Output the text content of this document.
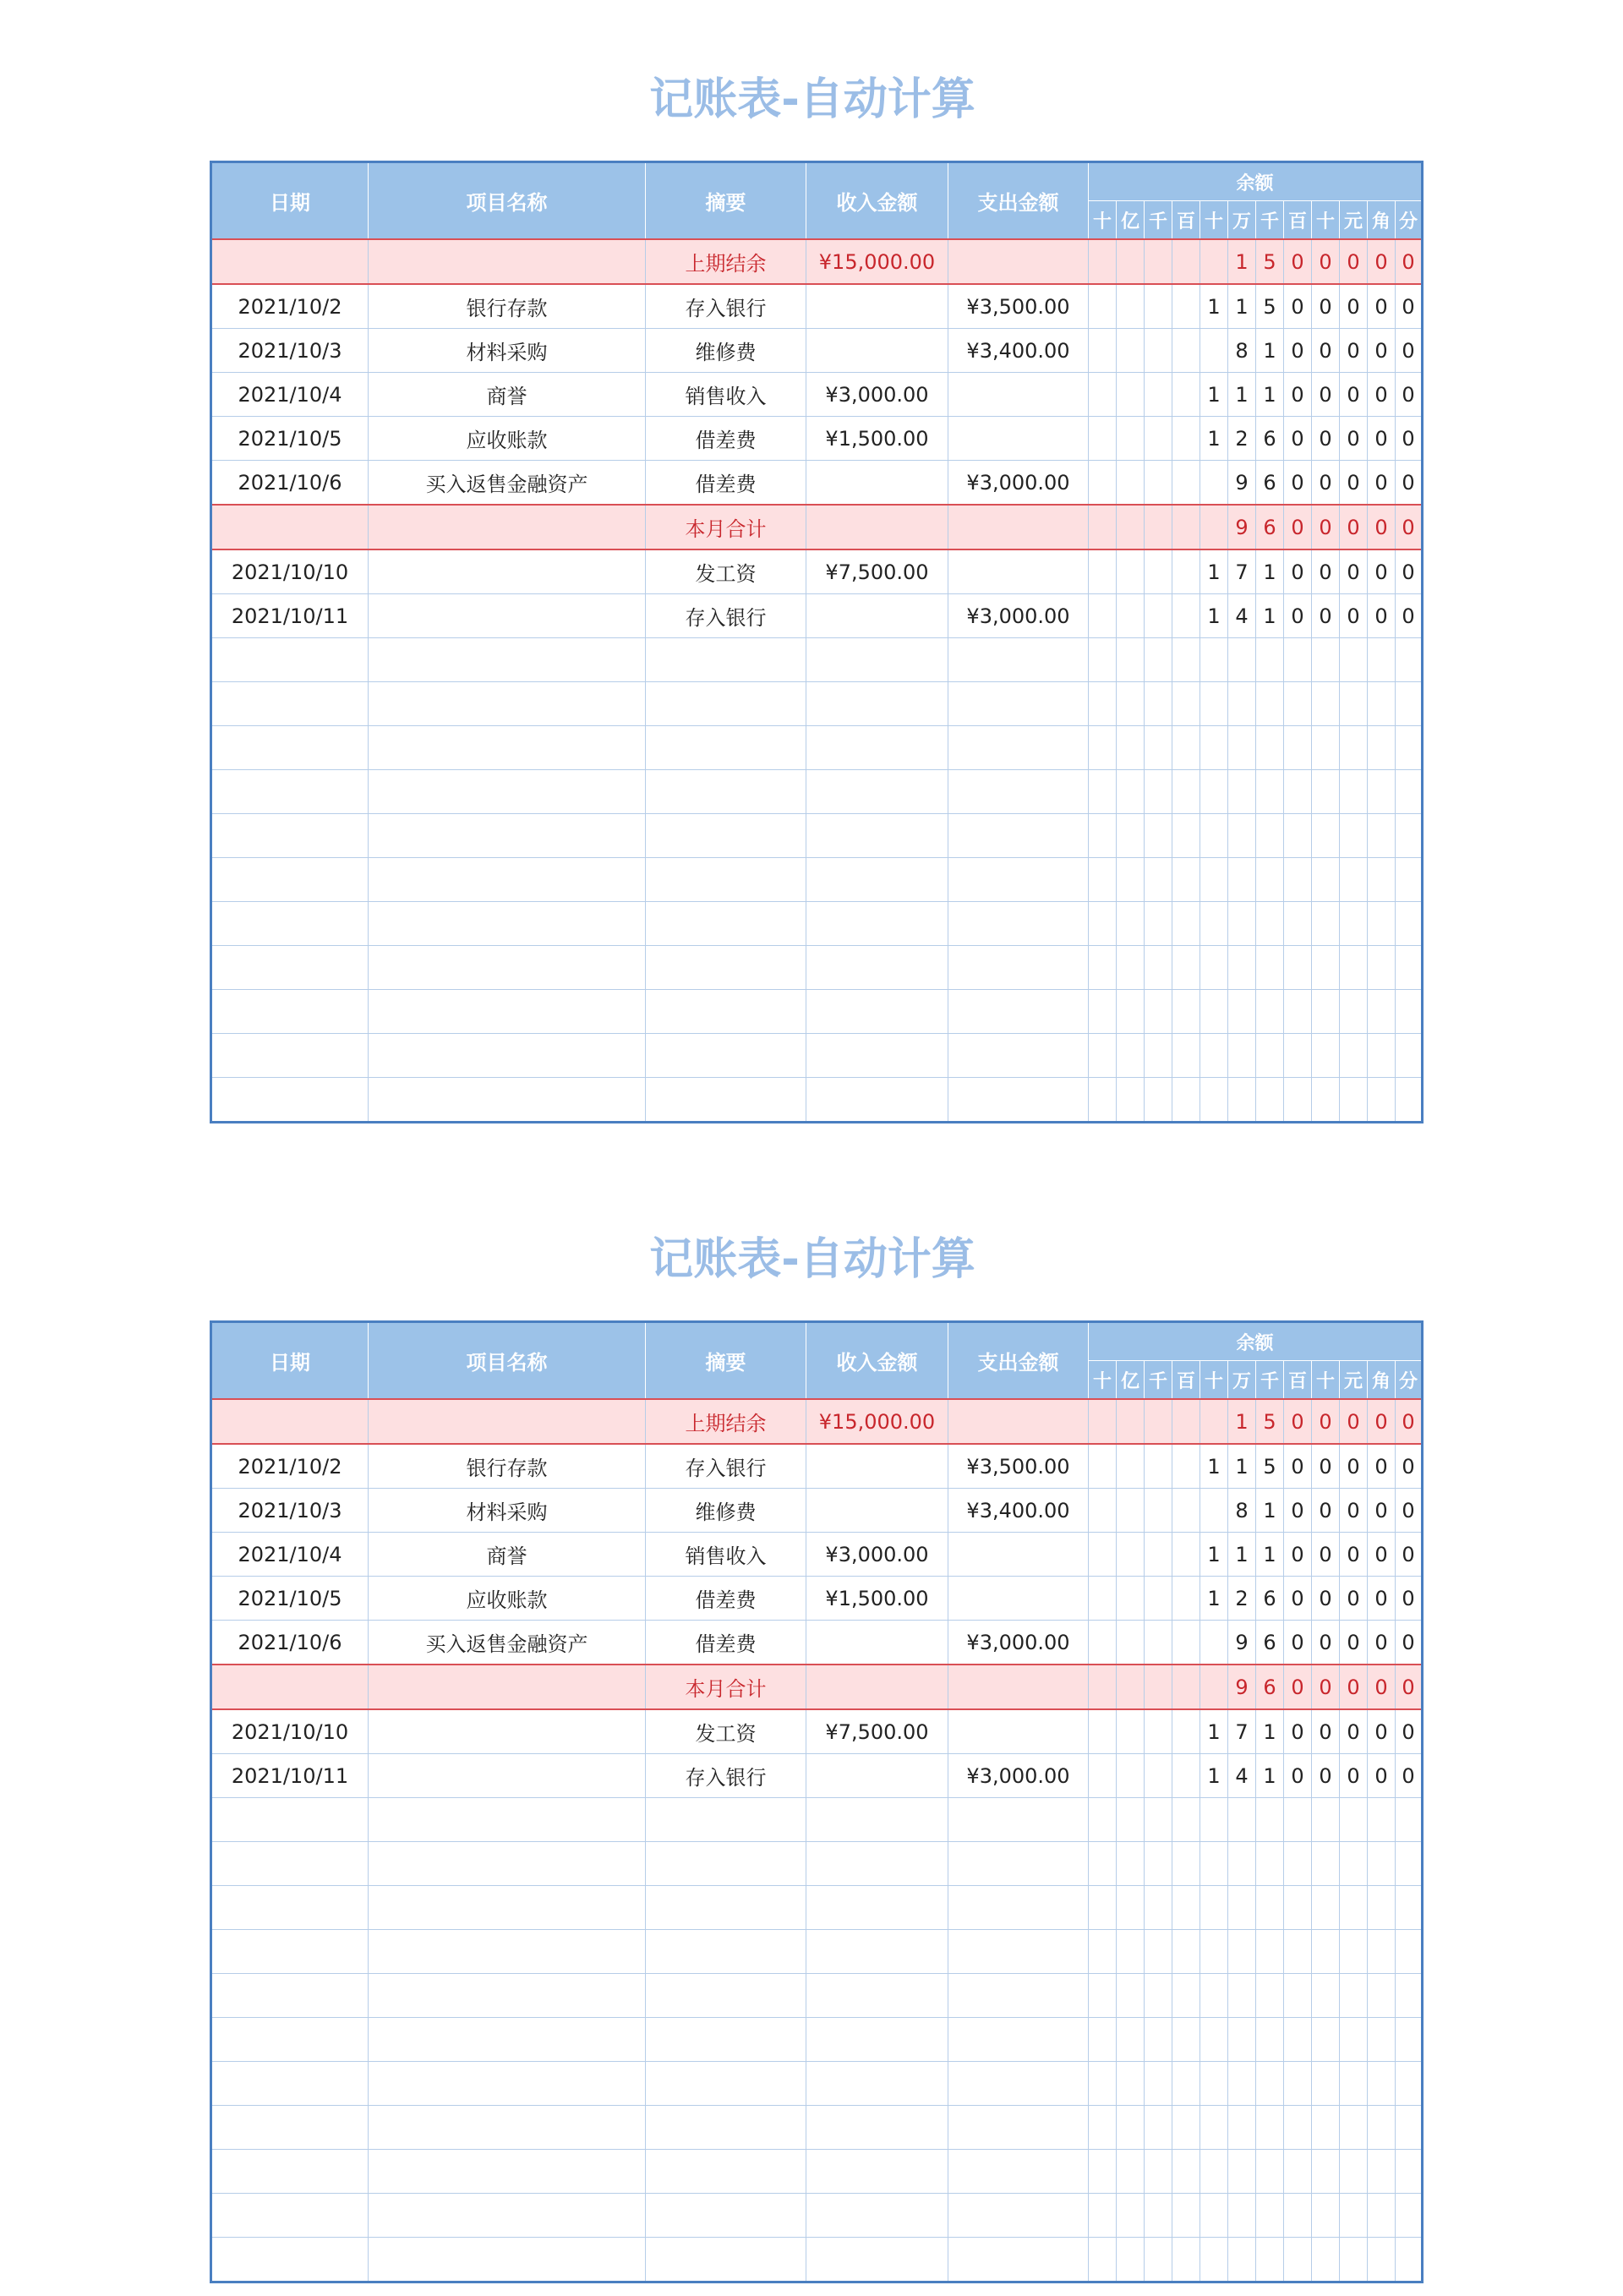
记账表-自动计算
日期	项目名称	摘要	收入金额	支出金额	余额											
					十	亿	千	百	十	万	千	百	十	元	角	分
		上期结余	¥15,000.00							1	5	0	0	0	0	0
2021/10/2	银行存款	存入银行		¥3,500.00					1	1	5	0	0	0	0	0
2021/10/3	材料采购	维修费		¥3,400.00						8	1	0	0	0	0	0
2021/10/4	商誉	销售收入	¥3,000.00						1	1	1	0	0	0	0	0
2021/10/5	应收账款	借差费	¥1,500.00						1	2	6	0	0	0	0	0
2021/10/6	买入返售金融资产	借差费		¥3,000.00						9	6	0	0	0	0	0
		本月合计								9	6	0	0	0	0	0
2021/10/10		发工资	¥7,500.00						1	7	1	0	0	0	0	0
2021/10/11		存入银行		¥3,000.00					1	4	1	0	0	0	0	0

记账表-自动计算
日期	项目名称	摘要	收入金额	支出金额	余额											
					十	亿	千	百	十	万	千	百	十	元	角	分
		上期结余	¥15,000.00							1	5	0	0	0	0	0
2021/10/2	银行存款	存入银行		¥3,500.00					1	1	5	0	0	0	0	0
2021/10/3	材料采购	维修费		¥3,400.00						8	1	0	0	0	0	0
2021/10/4	商誉	销售收入	¥3,000.00						1	1	1	0	0	0	0	0
2021/10/5	应收账款	借差费	¥1,500.00						1	2	6	0	0	0	0	0
2021/10/6	买入返售金融资产	借差费		¥3,000.00						9	6	0	0	0	0	0
		本月合计								9	6	0	0	0	0	0
2021/10/10		发工资	¥7,500.00						1	7	1	0	0	0	0	0
2021/10/11		存入银行		¥3,000.00					1	4	1	0	0	0	0	0
